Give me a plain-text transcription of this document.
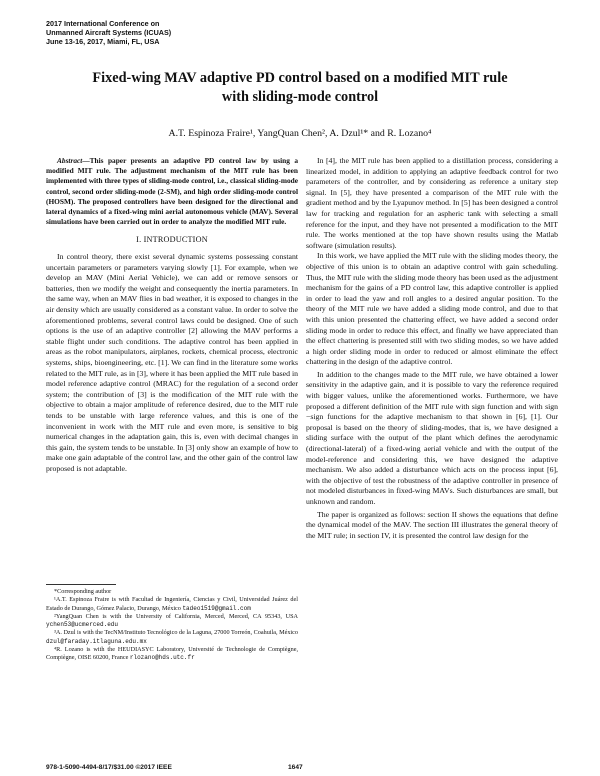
2017 International Conference on
Unmanned Aircraft Systems (ICUAS)
June 13-16, 2017, Miami, FL, USA
Fixed-wing MAV adaptive PD control based on a modified MIT rule
with sliding-mode control
A.T. Espinoza Fraire¹, YangQuan Chen², A. Dzul¹* and R. Lozano⁴

Abstract—This paper presents an adaptive PD control law by using a modified MIT rule. The adjustment mechanism of the MIT rule has been implemented with three types of sliding-mode control, i.e., classical sliding-mode control, second order sliding-mode (2-SM), and high order sliding-mode control (HOSM). The proposed controllers have been designed for the directional and lateral dynamics of a fixed-wing mini aerial autonomous vehicle (MAV). Several simulations have been carried out in order to analyze the modified MIT rule.

I. INTRODUCTION

In control theory, there exist several dynamic systems possessing constant uncertain parameters or parameters varying slowly [1]. For example, when we develop an MAV (Mini Aerial Vehicle), we can add or remove sensors or batteries, then we modify the weight and consequently the inertia parameters. In the same way, when an MAV flies in bad weather, it is exposed to changes in the air density which are usually considered as a constant value. In order to solve the aforementioned problems, several control laws could be designed. One of such options is the use of an adaptive controller [2] allowing the MAV performs a stable flight under such conditions. The adaptive control has been applied in areas as the robot manipulators, airplanes, rockets, chemical process, electronic systems, ships, bioengineering, etc. [1]. We can find in the literature some works related to the MIT rule, as in [3], where it has been applied the MIT rule based in model reference adaptive control (MRAC) for the regulation of a second order system; the contribution of [3] is the modification of the MIT rule with the objective to obtain a major amplitude of reference desired, due to the MIT rule tends to be unstable with large reference values, and this is one of the inconvenient in work with the MIT rule and even more, is sensitive to big numerical changes in the adaptation gain, this is, even with decimal changes in this gain, the system tends to be unstable. In [3] only show an example of how to make one gain adaptable of the control law, and the other gain of the control law proposed is not adaptable.

*Corresponding author

¹A.T. Espinoza Fraire is with Facultad de Ingeniería, Ciencias y Civil, Universidad Juárez del Estado de Durango, Gómez Palacio, Durango, México tadeo1519@gmail.com

²YangQuan Chen is with the University of California, Merced, Merced, CA 95343, USA ychen53@ucmerced.edu

³A. Dzul is with the TecNM/Instituto Tecnológico de la Laguna, 27000 Torreón, Coahuila, México dzul@faraday.itlaguna.edu.mx

⁴R. Lozano is with the HEUDIASYC Laboratory, Université de Technologie de Compiègne, Compiègne, OISE 60200, France rlozano@hds.utc.fr

In [4], the MIT rule has been applied to a distillation process, considering a linearized model, in addition to applying an adaptive feedback control for two parameters of the controller, and by considering as reference a unitary step signal. In [5], they have presented a comparison of the MIT rule with the gradient method and by the Lyapunov method. In [5] has been designed a control law for tracking and regulation for an aspheric tank with selecting a small reference for the input, and they have not presented a modification to the MIT rule. The works mentioned at the top have shown results using the Matlab software (simulation results).

In this work, we have applied the MIT rule with the sliding modes theory, the objective of this union is to obtain an adaptive control with gain scheduling. Thus, the MIT rule with the sliding mode theory has been used as the adjustment mechanism for the gains of a PD control law, this adaptive controller is applied in order to lead the yaw and roll angles to a desired angular position. To the theory of the MIT rule we have added a sliding mode control, and due to that with this union presented the chattering effect, we have added a second order sliding mode in order to reduce this effect, and finally we have appreciated than the effect chattering is presented still with two sliding modes, so we have added a high order sliding mode in order to reduced or almost eliminate the effect chattering in the design of the adaptive control.

In addition to the changes made to the MIT rule, we have obtained a lower sensitivity in the adaptive gain, and it is possible to vary the reference required with bigger values, unlike the aforementioned works. Furthermore, we have proposed a different definition of the MIT rule with sign function and with sign −sign functions for the adaptive mechanism to that shown in [6], [1]. Our proposal is based on the theory of sliding-modes, that is, we have designed a sliding surface with the output of the plant which defines the aerodynamic (directional-lateral) of a fixed-wing aerial vehicle and with the output of the model-reference and considering this, we have designed the adaptive mechanism. We also added a disturbance which acts on the process input [6], with the objective of test the robustness of the adaptive controller in presence of not modeled disturbances in fixed-wing MAVs. Such disturbances are small, but unknown and random.

The paper is organized as follows: section II shows the equations that define the dynamical model of the MAV. The section III illustrates the general theory of the MIT rule; in section IV, it is presented the control law design for the

978-1-5090-4494-8/17/$31.00 ©2017 IEEE	1647
